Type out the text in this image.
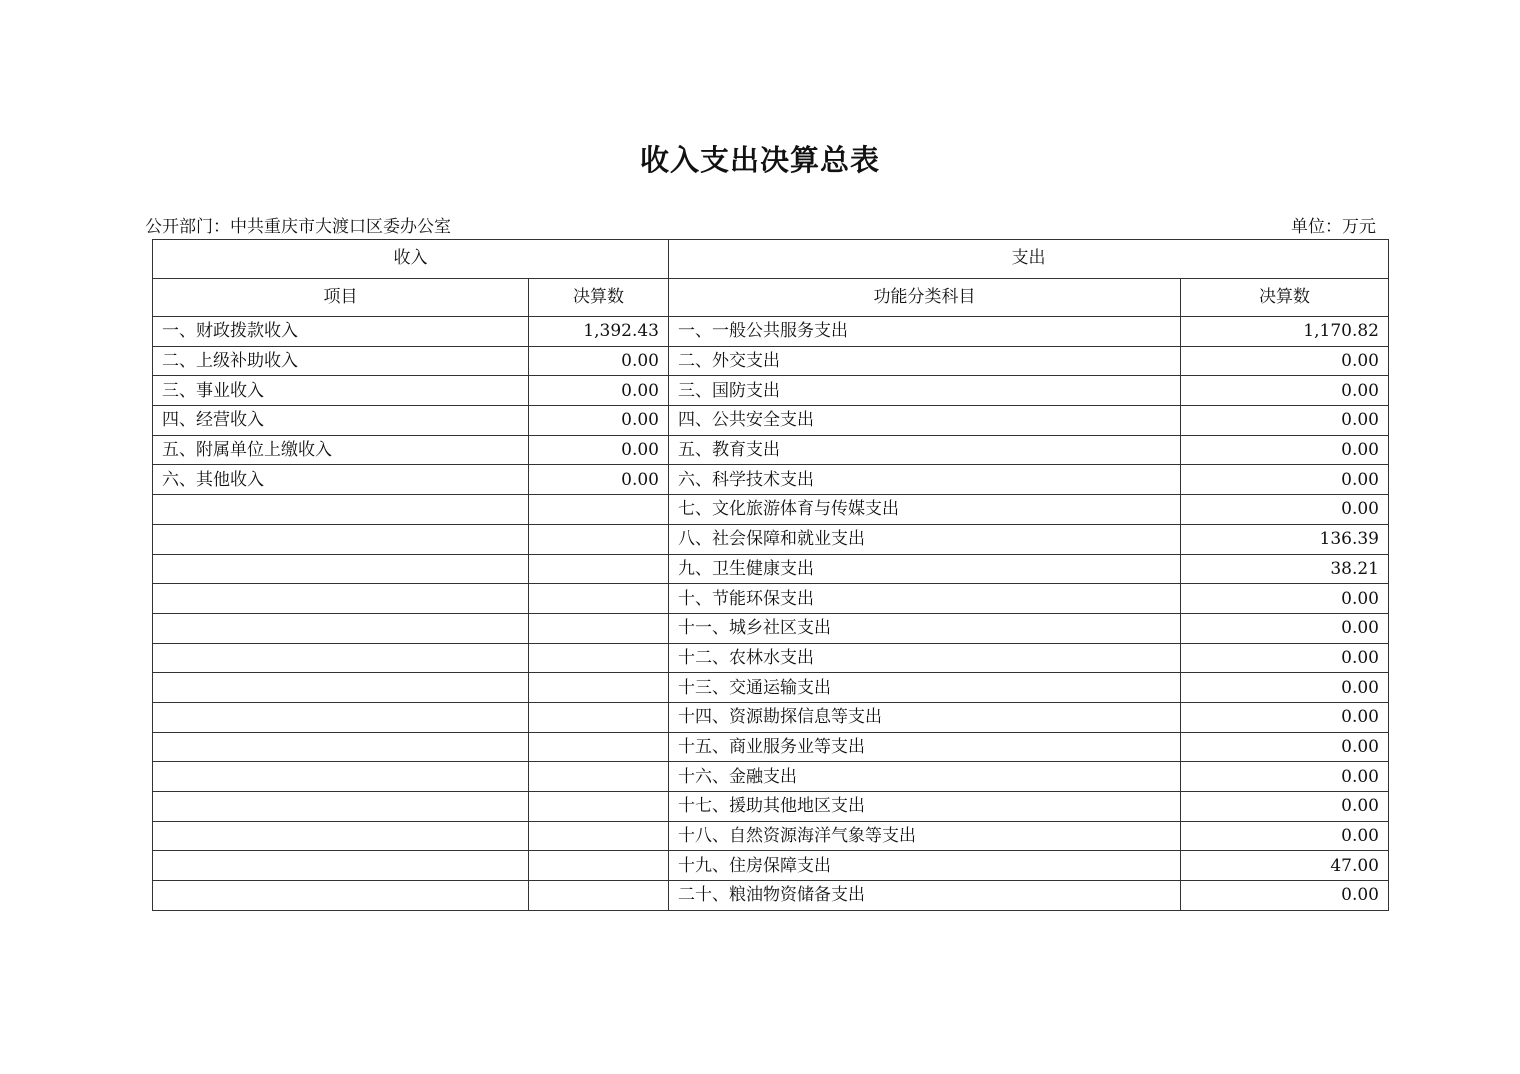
收入支出决算总表
公开部门：中共重庆市大渡口区委办公室	单位：万元
收入		支出	
项目	决算数	功能分类科目	决算数
一、财政拨款收入	1,392.43	一、一般公共服务支出	1,170.82
二、上级补助收入	0.00	二、外交支出	0.00
三、事业收入	0.00	三、国防支出	0.00
四、经营收入	0.00	四、公共安全支出	0.00
五、附属单位上缴收入	0.00	五、教育支出	0.00
六、其他收入	0.00	六、科学技术支出	0.00
		七、文化旅游体育与传媒支出	0.00
		八、社会保障和就业支出	136.39
		九、卫生健康支出	38.21
		十、节能环保支出	0.00
		十一、城乡社区支出	0.00
		十二、农林水支出	0.00
		十三、交通运输支出	0.00
		十四、资源勘探信息等支出	0.00
		十五、商业服务业等支出	0.00
		十六、金融支出	0.00
		十七、援助其他地区支出	0.00
		十八、自然资源海洋气象等支出	0.00
		十九、住房保障支出	47.00
		二十、粮油物资储备支出	0.00
